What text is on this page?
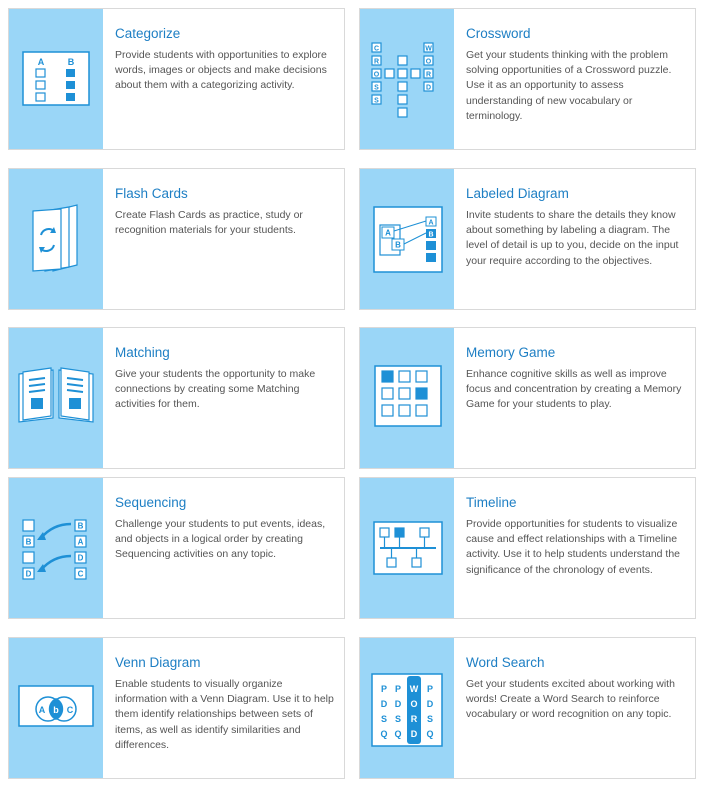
A	B
Categorize
Provide students with opportunities to explore words, images or objects and make decisions about them with a categorizing activity.
C
R
O
S
S
W
O
R
D
Crossword
Get your students thinking with the problem solving opportunities of a Crossword puzzle. Use it as an opportunity to assess understanding of new vocabulary or terminology.
Flash Cards
Create Flash Cards as practice, study or recognition materials for your students.	A
B
A
B
Labeled Diagram
Invite students to share the details they know about something by labeling a diagram. The level of detail is up to you, decide on the input your require according to the objectives.
Matching
Give your students the opportunity to make connections by creating some Matching activities for them.
Memory Game
Enhance cognitive skills as well as improve focus and concentration by creating a Memory Game for your students to play.
B
D
B
A
D
C
Sequencing
Challenge your students to put events, ideas, and objects in a logical order by creating Sequencing activities on any topic.
Timeline
Provide opportunities for students to visualize cause and effect relationships with a Timeline activity. Use it to help students understand the significance of the chronology of events.
A b C
Venn Diagram
Enable students to visually organize information with a Venn Diagram. Use it to help them identify relationships between sets of items, as well as identify similarities and differences.
P P W P
D D O D
S S R S
Q Q D Q
Word Search
Get your students excited about working with words! Create a Word Search to reinforce vocabulary or word recognition on any topic.
